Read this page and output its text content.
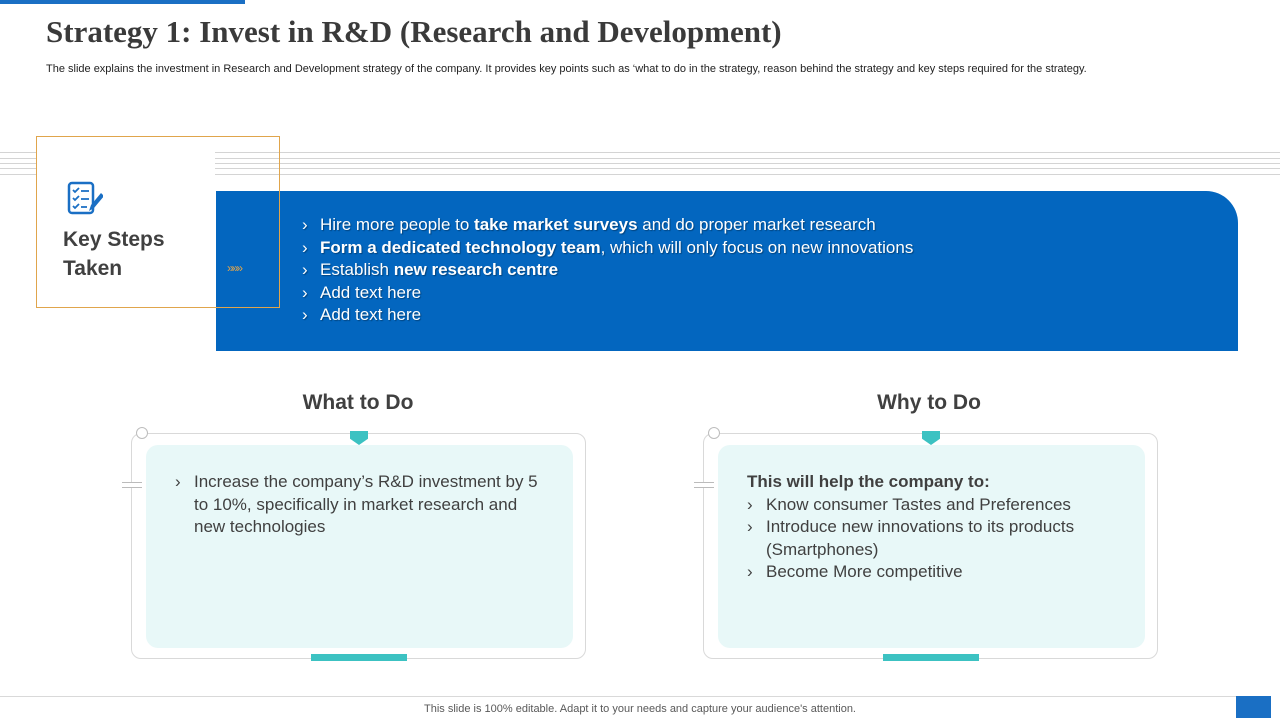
Strategy 1: Invest in R&D (Research and Development)

The slide explains the investment in Research and Development strategy of the company. It provides key points such as ‘what to do in the strategy, reason behind the strategy and key steps required for the strategy.

› Hire more people to take market surveys and do proper market research
› Form a dedicated technology team, which will only focus on new innovations
› Establish new research centre
› Add text here
› Add text here
Key Steps
Taken	»»»
What to Do
› Increase the company’s R&D investment by 5 to 10%, specifically in market research and new technologies
Why to Do
This will help the company to:
› Know consumer Tastes and Preferences
› Introduce new innovations to its products (Smartphones)
› Become More competitive

This slide is 100% editable. Adapt it to your needs and capture your audience's attention.
